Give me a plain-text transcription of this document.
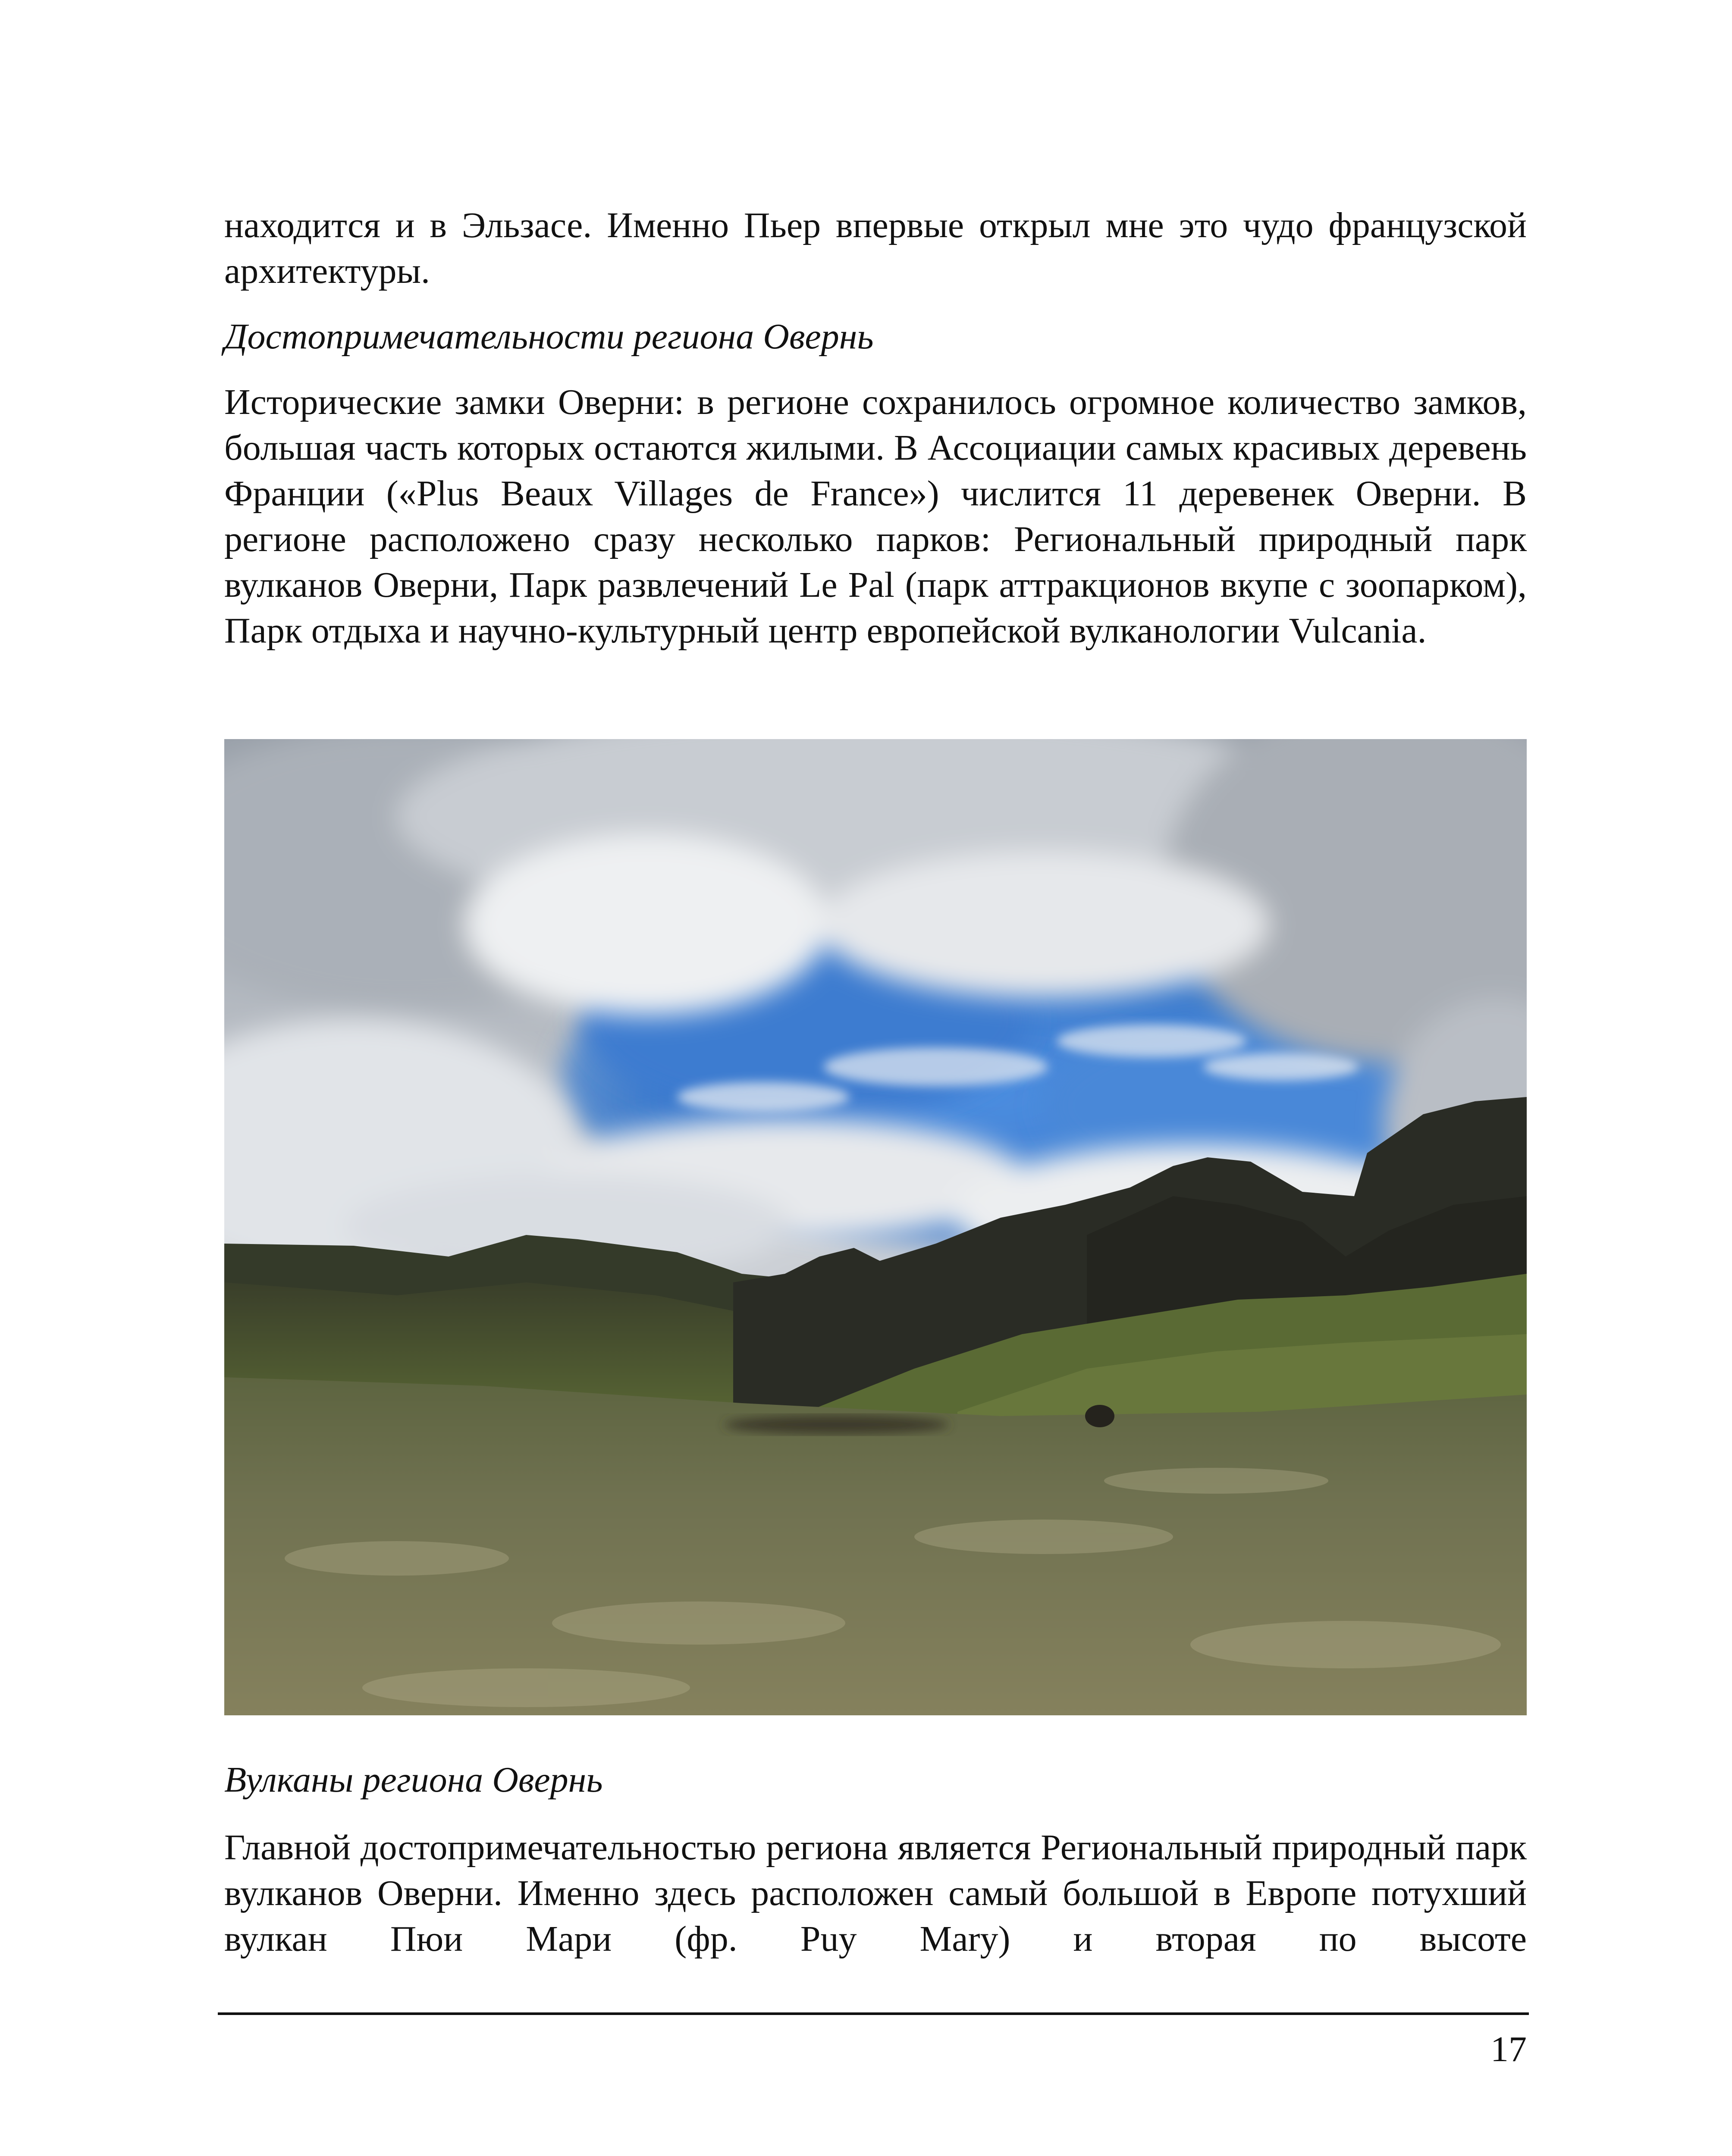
находится и в Эльзасе. Именно Пьер впервые открыл мне это чудо французской архитектуры.

Достопримечательности региона Овернь

Исторические замки Оверни: в регионе сохранилось огромное количество замков, большая часть которых остаются жилыми. В Ассоциации самых красивых деревень Франции («Plus Beaux Villages de France») числится 11 деревенек Оверни. В регионе расположено сразу несколько парков: Региональный природный парк вулканов Оверни, Парк развлечений Le Pal (парк аттракционов вкупе с зоопарком), Парк отдыха и научно-культурный центр европейской вулканологии Vulcania.

Вулканы региона Овернь

Главной достопримечательностью региона является Региональный природный парк вулканов Оверни. Именно здесь расположен самый большой в Европе потухший вулкан Пюи Мари (фр. Puy Mary) и вторая по высоте

17
